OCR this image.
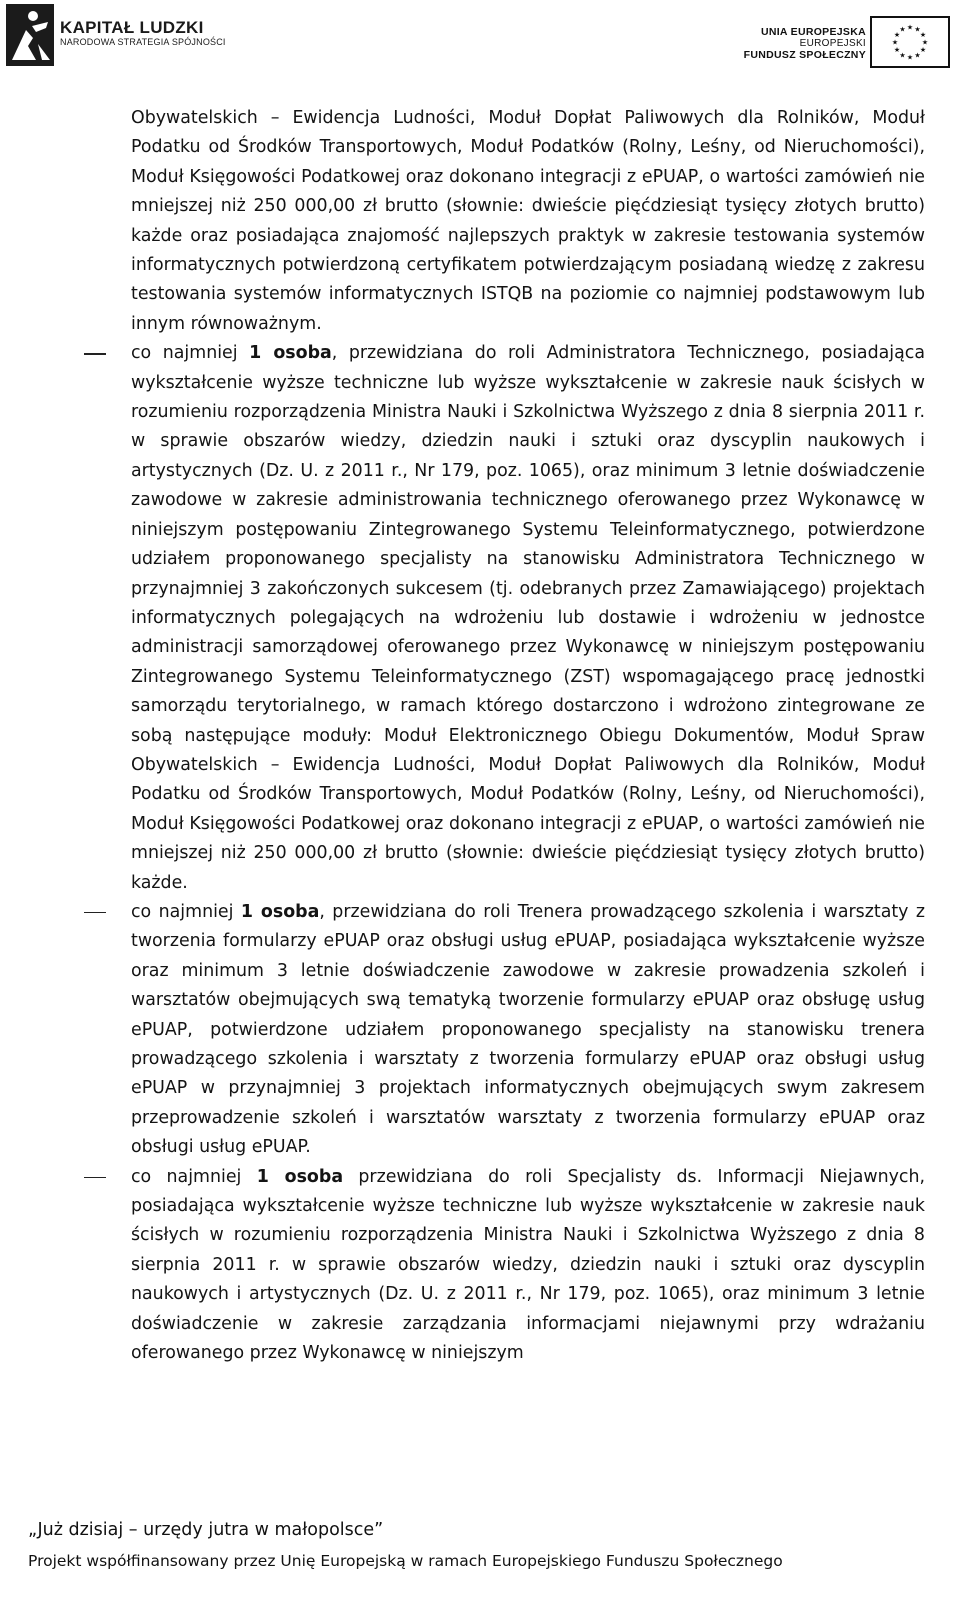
KAPITAŁ LUDZKI
NARODOWA STRATEGIA SPÓJNOŚCI
UNIA EUROPEJSKA
EUROPEJSKI
FUNDUSZ SPOŁECZNY
★ ★
★
★
★
★
★
★
★
★
★
★

Obywatelskich – Ewidencja Ludności, Moduł Dopłat Paliwowych dla Rolników, Moduł Podatku od Środków Transportowych, Moduł Podatków (Rolny, Leśny, od Nieruchomości), Moduł Księgowości Podatkowej oraz dokonano integracji z ePUAP, o wartości zamówień nie mniejszej niż 250 000,00 zł brutto (słownie: dwieście pięćdziesiąt tysięcy złotych brutto) każde oraz posiadająca znajomość najlepszych praktyk w zakresie testowania systemów informatycznych potwierdzoną certyfikatem potwierdzającym posiadaną wiedzę z zakresu testowania systemów informatycznych ISTQB na poziomie co najmniej podstawowym lub innym równoważnym.

co najmniej 1 osoba, przewidziana do roli Administratora Technicznego, posiadająca wykształcenie wyższe techniczne lub wyższe wykształcenie w zakresie nauk ścisłych w rozumieniu rozporządzenia Ministra Nauki i Szkolnictwa Wyższego z dnia 8 sierpnia 2011 r. w sprawie obszarów wiedzy, dziedzin nauki i sztuki oraz dyscyplin naukowych i artystycznych (Dz. U. z 2011 r., Nr 179, poz. 1065), oraz minimum 3 letnie doświadczenie zawodowe w zakresie administrowania technicznego oferowanego przez Wykonawcę w niniejszym postępowaniu Zintegrowanego Systemu Teleinformatycznego, potwierdzone udziałem proponowanego specjalisty na stanowisku Administratora Technicznego w przynajmniej 3 zakończonych sukcesem (tj. odebranych przez Zamawiającego) projektach informatycznych polegających na wdrożeniu lub dostawie i wdrożeniu w jednostce administracji samorządowej oferowanego przez Wykonawcę w niniejszym postępowaniu Zintegrowanego Systemu Teleinformatycznego (ZST) wspomagającego pracę jednostki samorządu terytorialnego, w ramach którego dostarczono i wdrożono zintegrowane ze sobą następujące moduły: Moduł Elektronicznego Obiegu Dokumentów, Moduł Spraw Obywatelskich – Ewidencja Ludności, Moduł Dopłat Paliwowych dla Rolników, Moduł Podatku od Środków Transportowych, Moduł Podatków (Rolny, Leśny, od Nieruchomości), Moduł Księgowości Podatkowej oraz dokonano integracji z ePUAP, o wartości zamówień nie mniejszej niż 250 000,00 zł brutto (słownie: dwieście pięćdziesiąt tysięcy złotych brutto) każde.

co najmniej 1 osoba, przewidziana do roli Trenera prowadzącego szkolenia i warsztaty z tworzenia formularzy ePUAP oraz obsługi usług ePUAP, posiadająca wykształcenie wyższe oraz minimum 3 letnie doświadczenie zawodowe w zakresie prowadzenia szkoleń i warsztatów obejmujących swą tematyką tworzenie formularzy ePUAP oraz obsługę usług ePUAP, potwierdzone udziałem proponowanego specjalisty na stanowisku trenera prowadzącego szkolenia i warsztaty z tworzenia formularzy ePUAP oraz obsługi usług ePUAP w przynajmniej 3 projektach informatycznych obejmujących swym zakresem przeprowadzenie szkoleń i warsztatów warsztaty z tworzenia formularzy ePUAP oraz obsługi usług ePUAP.

co najmniej 1 osoba przewidziana do roli Specjalisty ds. Informacji Niejawnych, posiadająca wykształcenie wyższe techniczne lub wyższe wykształcenie w zakresie nauk ścisłych w rozumieniu rozporządzenia Ministra Nauki i Szkolnictwa Wyższego z dnia 8 sierpnia 2011 r. w sprawie obszarów wiedzy, dziedzin nauki i sztuki oraz dyscyplin naukowych i artystycznych (Dz. U. z 2011 r., Nr 179, poz. 1065), oraz minimum 3 letnie doświadczenie w zakresie zarządzania informacjami niejawnymi przy wdrażaniu oferowanego przez Wykonawcę w niniejszym

„Już dzisiaj – urzędy jutra w małopolsce”
Projekt współfinansowany przez Unię Europejską w ramach Europejskiego Funduszu Społecznego
